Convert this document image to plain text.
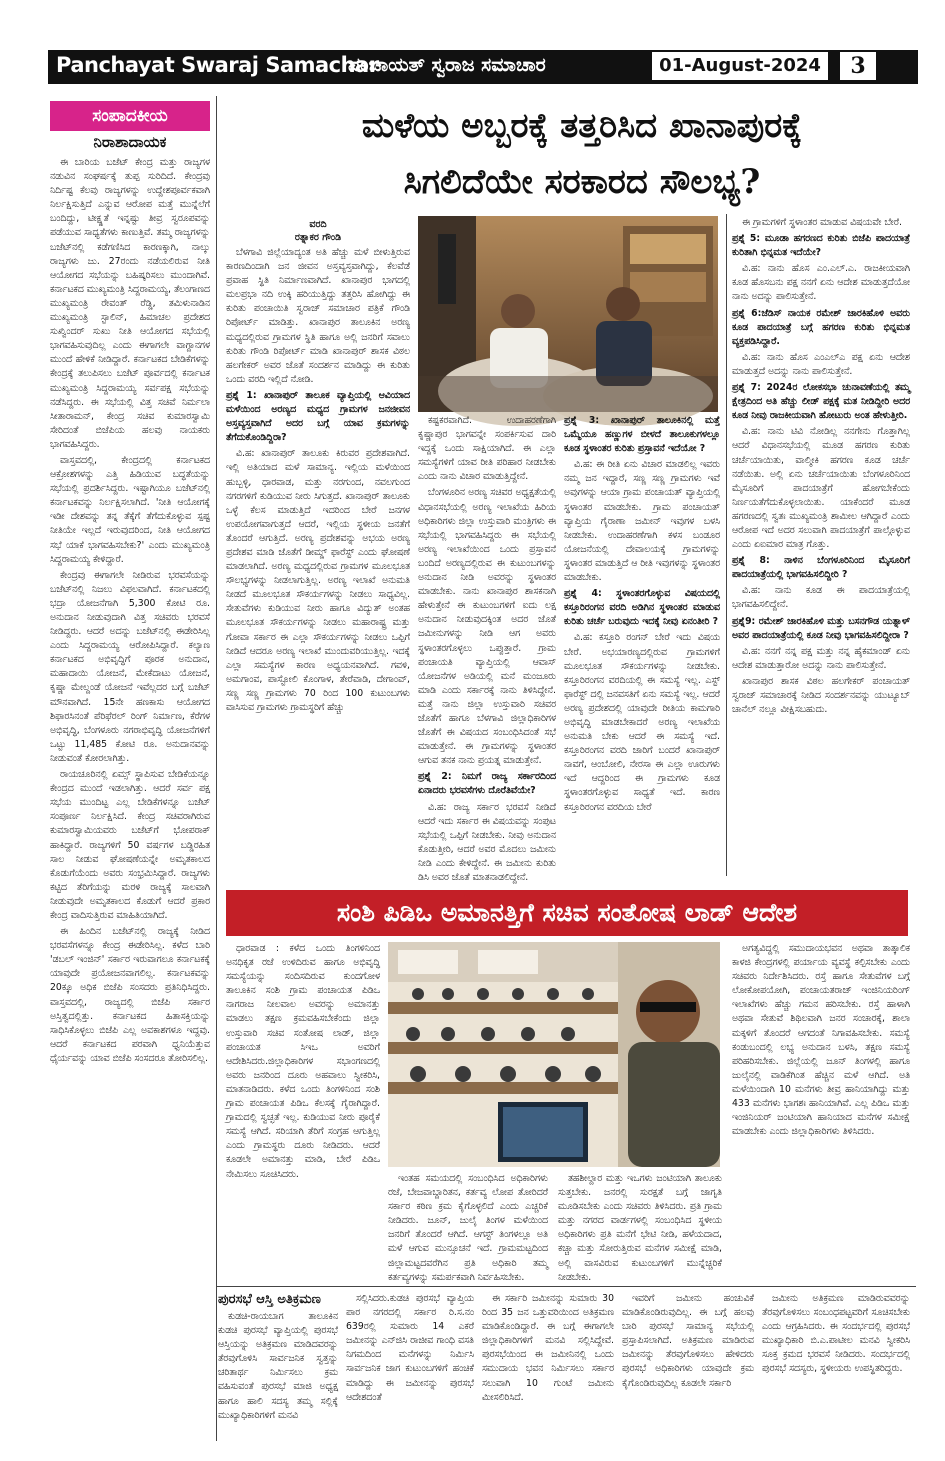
Panchayat Swaraj Samachar
ಪಂಚಾಯತ್ ಸ್ವರಾಜ ಸಮಾಚಾರ	01-August-2024	3
ಸಂಪಾದಕೀಯ
ನಿರಾಶಾದಾಯಕ

ಈ ಬಾರಿಯ ಬಜೆಟ್ ಕೇಂದ್ರ ಮತ್ತು ರಾಜ್ಯಗಳ ನಡುವಿನ ಸಂಘರ್ಷಕ್ಕೆ ತುಪ್ಪ ಸುರಿದಿದೆ. ಕೇಂದ್ರವು ನಿರ್ದಿಷ್ಟ ಕೆಲವು ರಾಜ್ಯಗಳನ್ನು ಉದ್ದೇಶಪೂರ್ವಕವಾಗಿ ನಿರ್ಲಕ್ಷಿಸುತ್ತಿದೆ ಎನ್ನುವ ಆರೋಪ ಮತ್ತೆ ಮುನ್ನೆಲೆಗೆ ಬಂದಿದ್ದು, ಟೀಕ್ಷ್ಣತೆ ಇನ್ನಷ್ಟು ತೀವ್ರ ಸ್ವರೂಪವನ್ನು ಪಡೆಯುವ ಸಾಧ್ಯತೆಗಳು ಕಾಣುತ್ತಿವೆ. ತಮ್ಮ ರಾಜ್ಯಗಳನ್ನು ಬಜೆಟ್‌ನಲ್ಲಿ ಕಡೆಗಣಿಸಿದ ಕಾರಣಕ್ಕಾಗಿ, ನಾಲ್ಕು ರಾಜ್ಯಗಳು ಜು. 27ರಂದು ನಡೆಯಲಿರುವ ನೀತಿ ಆಯೋಗದ ಸಭೆಯನ್ನು ಬಹಿಷ್ಕರಿಸಲು ಮುಂದಾಗಿವೆ. ಕರ್ನಾಟಕದ ಮುಖ್ಯಮಂತ್ರಿ ಸಿದ್ದರಾಮಯ್ಯ, ತೆಲಂಗಾಣದ ಮುಖ್ಯಮಂತ್ರಿ ರೇವಂತ್ ರೆಡ್ಡಿ, ತಮಿಳುನಾಡಿನ ಮುಖ್ಯಮಂತ್ರಿ ಸ್ಟಾಲಿನ್, ಹಿಮಾಚಲ ಪ್ರದೇಶದ ಸುಖ್ವಿಂದರ್ ಸುಖು ನೀತಿ ಆಯೋಗದ ಸಭೆಯಲ್ಲಿ ಭಾಗವಹಿಸುವುದಿಲ್ಲ ಎಂದು ಈಗಾಗಲೇ ವಾಗ್ದಾನಗಳ ಮುಂದೆ ಹೇಳಿಕೆ ನೀಡಿದ್ದಾರೆ. ಕರ್ನಾಟಕದ ಬೇಡಿಕೆಗಳನ್ನು ಕೇಂದ್ರಕ್ಕೆ ತಲುಪಿಸಲು ಬಜೆಟ್ ಪೂರ್ವದಲ್ಲಿ ಕರ್ನಾಟಕ ಮುಖ್ಯಮಂತ್ರಿ ಸಿದ್ದರಾಮಯ್ಯ ಸರ್ವಪಕ್ಷ ಸಭೆಯನ್ನು ನಡೆಸಿದ್ದರು. ಈ ಸಭೆಯಲ್ಲಿ ವಿತ್ತ ಸಚಿವೆ ನಿರ್ಮಲಾ ಸೀತಾರಾಮನ್, ಕೇಂದ್ರ ಸಚಿವ ಕುಮಾರಸ್ವಾಮಿ ಸೇರಿದಂತೆ ಬಿಜೆಪಿಯ ಹಲವು ನಾಯಕರು ಭಾಗವಹಿಸಿದ್ದರು.

ವಾಸ್ತವದಲ್ಲಿ, ಕೇಂದ್ರದಲ್ಲಿ ಕರ್ನಾಟಕದ ಆಕ್ರೋಶಗಳನ್ನು ಎತ್ತಿ ಹಿಡಿಯುವ ಬದ್ಧತೆಯನ್ನು ಸಭೆಯಲ್ಲಿ ಪ್ರದರ್ಶಿಸಿದ್ದರು. ಇಷ್ಟಾಗಿಯೂ ಬಜೆಟ್‌ನಲ್ಲಿ ಕರ್ನಾಟಕವನ್ನು ನಿರ್ಲಕ್ಷಿಸಲಾಗಿದೆ. 'ನೀತಿ ಆಯೋಗಕ್ಕೆ ಇಡೀ ದೇಶವನ್ನು ತನ್ನ ತೆಕ್ಕೆಗೆ ತೆಗೆದುಕೊಳ್ಳುವ ಸ್ಪಷ್ಟ ನೀತಿಯೇ ಇಲ್ಲದೆ ಇರುವುದರಿಂದ, ನೀತಿ ಆಯೋಗದ ಸಭೆ ಯಾಕೆ ಭಾಗವಹಿಸಬೇಕು?' ಎಂದು ಮುಖ್ಯಮಂತ್ರಿ ಸಿದ್ದರಾಮಯ್ಯ ಕೇಳಿದ್ದಾರೆ.

ಕೇಂದ್ರವು ಈಗಾಗಲೇ ನೀಡಿರುವ ಭರವಸೆಯನ್ನು ಬಜೆಟ್‌ನಲ್ಲಿ ನಿಜಲು ವಿಫಲವಾಗಿದೆ. ಕರ್ನಾಟಕದಲ್ಲಿ ಭದ್ರಾ ಯೋಜನೆಗಾಗಿ 5,300 ಕೋಟಿ ರೂ. ಅನುದಾನ ನೀಡುವುದಾಗಿ ವಿತ್ತ ಸಚಿವರು ಭರವಸೆ ನೀಡಿದ್ದರು. ಆದರೆ ಅದನ್ನು ಬಜೆಟ್‌ನಲ್ಲಿ ಈಡೇರಿಸಿಲ್ಲ ಎಂದು ಸಿದ್ದರಾಮಯ್ಯ ಆರೋಪಿಸಿದ್ದಾರೆ. ಕಲ್ಯಾಣ ಕರ್ನಾಟಕದ ಅಭಿವೃದ್ಧಿಗೆ ಪೂರಕ ಅನುದಾನ, ಮಹಾದಾಯಿ ಯೋಜನೆ, ಮೇಕೆದಾಟು ಯೋಜನೆ, ಕೃಷ್ಣಾ ಮೇಲ್ದಂಡೆ ಯೋಜನೆ ಇವೆಲ್ಲದರ ಬಗ್ಗೆ ಬಜೆಟ್ ಮೌನವಾಗಿದೆ. 15ನೇ ಹಣಕಾಸು ಆಯೋಗದ ಶಿಫಾರಸಿನಂತೆ ಪೆರಿಫೆರಲ್ ರಿಂಗ್ ನಿರ್ಮಾಣ, ಕೆರೆಗಳ ಅಭಿವೃದ್ಧಿ, ಬೆಂಗಳೂರು ನಗರಾಭಿವೃದ್ಧಿ ಯೋಜನೆಗಳಿಗೆ ಒಟ್ಟು 11,485 ಕೋಟಿ ರೂ. ಅನುದಾನವನ್ನು ನೀಡುವಂತೆ ಕೋರಲಾಗಿತ್ತು.

ರಾಯಚೂರಿನಲ್ಲಿ ಏಮ್ಸ್ ಸ್ಥಾಪಿಸುವ ಬೇಡಿಕೆಯನ್ನೂ ಕೇಂದ್ರದ ಮುಂದೆ ಇಡಲಾಗಿತ್ತು. ಆದರೆ ಸರ್ವ ಪಕ್ಷ ಸಭೆಯ ಮುಂದಿಟ್ಟ ಎಲ್ಲ ಬೇಡಿಕೆಗಳನ್ನೂ ಬಜೆಟ್ ಸಂಪೂರ್ಣ ನಿರ್ಲಕ್ಷಿಸಿದೆ. ಕೇಂದ್ರ ಸಚಿವರಾಗಿರುವ ಕುಮಾರಸ್ವಾಮಿಯವರು ಬಜೆಟ್‌ಗೆ ಭೋಪರಾಕ್ ಹಾಕಿದ್ದಾರೆ. ರಾಜ್ಯಗಳಿಗೆ 50 ವರ್ಷಗಳ ಬಡ್ಡಿರಹಿತ ಸಾಲ ನೀಡುವ ಘೋಷಣೆಯನ್ನೇ ಅಮೃತಕಾಲದ ಕೊಡುಗೆಯೆಂದು ಅವರು ಸಂಭ್ರಮಿಸಿದ್ದಾರೆ. ರಾಜ್ಯಗಳು ಕಟ್ಟಿದ ತೆರಿಗೆಯನ್ನು ಮರಳಿ ರಾಜ್ಯಕ್ಕೆ ಸಾಲವಾಗಿ ನೀಡುವುದೇ ಅಮೃತಕಾಲದ ಕೊಡುಗೆ ಆದರೆ ಪ್ರಕಾರ ಕೇಂದ್ರ ವಾದಿಸುತ್ತಿರುವ ಮಾಹಿತಿಯಾಗಿದೆ.

ಈ ಹಿಂದಿನ ಬಜೆಟ್‌ನಲ್ಲಿ ರಾಜ್ಯಕ್ಕೆ ನೀಡಿದ ಭರವಸೆಗಳನ್ನೂ ಕೇಂದ್ರ ಈಡೇರಿಸಿಲ್ಲ. ಕಳೆದ ಬಾರಿ 'ಡಬಲ್ ಇಂಜಿನ್' ಸರ್ಕಾರ ಇರುವಾಗಲೂ ಕರ್ನಾಟಕಕ್ಕೆ ಯಾವುದೇ ಪ್ರಯೋಜನವಾಗಲಿಲ್ಲ. ಕರ್ನಾಟಕವನ್ನು 20ಕ್ಕೂ ಅಧಿಕ ಬಿಜೆಪಿ ಸಂಸದರು ಪ್ರತಿನಿಧಿಸಿದ್ದರು. ವಾಸ್ತವದಲ್ಲಿ, ರಾಜ್ಯದಲ್ಲಿ ಬಿಜೆಪಿ ಸರ್ಕಾರ ಅಸ್ತಿತ್ವದಲ್ಲಿತ್ತು. ಕರ್ನಾಟಕದ ಹಿತಾಸಕ್ತಿಯನ್ನು ಸಾಧಿಸಿಕೊಳ್ಳಲು ಬಿಜೆಪಿ ಎಲ್ಲ ಅವಕಾಶಗಳೂ ಇದ್ದವು. ಆದರೆ ಕರ್ನಾಟಕದ ಪರವಾಗಿ ಧ್ವನಿಯೆತ್ತುವ ಧೈರ್ಯವನ್ನು ಯಾವ ಬಿಜೆಪಿ ಸಂಸದರೂ ತೋರಿಸಲಿಲ್ಲ.

ಮಳೆಯ ಅಬ್ಬರಕ್ಕೆ ತತ್ತರಿಸಿದ ಖಾನಾಪುರಕ್ಕೆ
ಸಿಗಲಿದೆಯೇ ಸರಕಾರದ ಸೌಲಭ್ಯ?
ವರದಿ
ರತ್ನಾಕರ ಗೌಂಡಿ

ಬೆಳಗಾವಿ ಜಿಲ್ಲೆಯಾದ್ಯಂತ ಅತಿ ಹೆಚ್ಚು ಮಳೆ ಬೀಳುತ್ತಿರುವ ಕಾರಣದಿಂದಾಗಿ ಜನ ಜೀವನ ಅಸ್ತವ್ಯಸ್ತವಾಗಿದ್ದು, ಕೆಲವೆಡೆ ಪ್ರವಾಹ ಸ್ಥಿತಿ ನಿರ್ಮಾಣವಾಗಿದೆ. ಖಾನಾಪುರ ಭಾಗದಲ್ಲಿ ಮಲಪ್ರಭಾ ನದಿ ಉಕ್ಕಿ ಹರಿಯುತ್ತಿದ್ದು ತತ್ತರಿಸಿ ಹೋಗಿದ್ದು ಈ ಕುರಿತು ಪಂಚಾಯಿತಿ ಸ್ವರಾಜ್ ಸಮಾಚಾರ ಪತ್ರಿಕೆ ಗೌಂಡಿ ರಿಪೋರ್ಟ್ ಮಾಡಿತ್ತು. ಖಾನಾಪುರ ತಾಲೂಕಿನ ಅರಣ್ಯ ಮಧ್ಯದಲ್ಲಿರುವ ಗ್ರಾಮಗಳ ಸ್ಥಿತಿ ಹಾಗೂ ಅಲ್ಲಿ ಜನರಿಗೆ ಸವಾಲು ಕುರಿತು ಗೌಂಡಿ ರಿಪೋರ್ಟ್ ಮಾಡಿ ಖಾನಾಪುರ್ ಶಾಸಕ ವಿಠಲ ಹಲಗೇಕರ್ ಅವರ ಜೊತೆ ಸಂದರ್ಶನ ಮಾಡಿದ್ದು ಈ ಕುರಿತು ಒಂದು ವರದಿ ಇಲ್ಲಿದೆ ನೋಡಿ.

ಪ್ರಶ್ನೆ 1: ಖಾನಾಪುರ್ ತಾಲೂಕ ವ್ಯಾಪ್ತಿಯಲ್ಲಿ ಆವಿಯಾದ ಮಳೆಯಿಂದ ಅರಣ್ಯದ ಮಧ್ಯದ ಗ್ರಾಮಗಳ ಜನಜೀವನ ಅಸ್ತವ್ಯಸ್ತವಾಗಿದೆ ಅದರ ಬಗ್ಗೆ ಯಾವ ಕ್ರಮಗಳನ್ನು ತೆಗೆದುಕೊಂಡಿದ್ದಿರಾ?

ವಿ.ಹ: ಖಾನಾಪುರ್ ತಾಲೂಕು ಕಿರುವರ ಪ್ರದೇಶವಾಗಿದೆ. ಇಲ್ಲಿ ಅತಿಯಾದ ಮಳೆ ಸಾಮಾನ್ಯ. ಇಲ್ಲಿಯ ಮಳೆಯಿಂದ ಹುಬ್ಬಳ್ಳಿ, ಧಾರವಾಡ, ಮತ್ತು ನರಗುಂದ, ನವಲಗುಂದ ನಗರಗಳಿಗೆ ಕುಡಿಯುವ ನೀರು ಸಿಗುತ್ತದೆ. ಖಾನಾಪುರ್ ತಾಲೂಕು ಒಳ್ಳೆ ಕೆಲಸ ಮಾಡುತ್ತಿದೆ ಇದರಿಂದ ಬೇರೆ ಜನಗಳ ಉಪಯೋಗವಾಗುತ್ತದೆ ಆದರೆ, ಇಲ್ಲಿಯ ಸ್ಥಳೀಯ ಜನತೆಗೆ ತೊಂದರೆ ಆಗುತ್ತಿದೆ. ಅರಣ್ಯ ಪ್ರದೇಶವನ್ನು ಅಭಯ ಅರಣ್ಯ ಪ್ರದೇಶವ ಮಾಡಿ ಜೊತೆಗೆ ಡೀಮ್ಡ್ ಫಾರೆಸ್ಟ್ ಎಂದು ಘೋಷಣೆ ಮಾಡಲಾಗಿದೆ. ಅರಣ್ಯ ಮಧ್ಯದಲ್ಲಿರುವ ಗ್ರಾಮಗಳ ಮೂಲಭೂತ ಸೌಲಭ್ಯಗಳನ್ನು ನೀಡಲಾಗುತ್ತಿಲ್ಲ. ಅರಣ್ಯ ಇಲಾಖೆ ಅನುಮತಿ ನೀಡದೆ ಮೂಲಭೂತ ಸೌಕರ್ಯಗಳನ್ನು ನೀಡಲು ಸಾಧ್ಯವಿಲ್ಲ. ಸೇತುವೆಗಳು ಕುಡಿಯುವ ನೀರು ಹಾಗೂ ವಿದ್ಯುತ್ ಅಂತಹ ಮೂಲಭೂತ ಸೌಕರ್ಯಗಳನ್ನು ನೀಡಲು ಮಹಾರಾಷ್ಟ್ರ ಮತ್ತು ಗೋವಾ ಸರ್ಕಾರ ಈ ಎಲ್ಲಾ ಸೌಕರ್ಯಗಳನ್ನು ನೀಡಲು ಒಪ್ಪಿಗೆ ನೀಡಿದೆ ಆದರೂ ಅರಣ್ಯ ಇಲಾಖೆ ಮುಂದುವರಿಯುತ್ತಿಲ್ಲ. ಇದಕ್ಕೆ ಎಲ್ಲಾ ಸಮಸ್ಯೆಗಳ ಕಾರಣ ಅಧ್ಯಯನವಾಗಿದೆ. ಗವಳಿ, ಅಮಗಾಂವ, ಪಾಸ್ಟೋಲಿ ಕೊಂಗಾಳ, ತೇರೆವಾಡಿ, ದೇಗಾಂವ್, ಸಣ್ಣ ಸಣ್ಣ ಗ್ರಾಮಗಳು 70 ರಿಂದ 100 ಕುಟುಂಬಗಳು ವಾಸಿಸುವ ಗ್ರಾಮಗಳು ಗ್ರಾಮಸ್ಥರಿಗೆ ಹೆಚ್ಚು

ಕಷ್ಟಕರವಾಗಿದೆ. ಉದಾಹರಣೆಗಾಗಿ ಕೃಷ್ಣಾಪುರ ಭಾಗವನ್ನೇ ಸಂಪರ್ಕಿಸುವ ದಾರಿ ಇದ್ದಕ್ಕೆ ಒಂದು ಸಾಕ್ಷಿಯಾಗಿದೆ. ಈ ಎಲ್ಲಾ ಸಮಸ್ಯೆಗಳಿಗೆ ಯಾವ ರೀತಿ ಪರಿಹಾರ ನೀಡಬೇಕು ಎಂದು ನಾನು ವಿಚಾರ ಮಾಡುತ್ತಿದ್ದೇನೆ.

ಬೆಂಗಳೂರಿನ ಅರಣ್ಯ ಸಚಿವರ ಅಧ್ಯಕ್ಷತೆಯಲ್ಲಿ ವಿಧಾನಸಭೆಯಲ್ಲಿ ಅರಣ್ಯ ಇಲಾಖೆಯ ಹಿರಿಯ ಅಧಿಕಾರಿಗಳು ಜಿಲ್ಲಾ ಉಸ್ತುವಾರಿ ಮಂತ್ರಿಗಳು ಈ ಸಭೆಯಲ್ಲಿ ಭಾಗವಹಿಸಿದ್ದರು ಈ ಸಭೆಯಲ್ಲಿ ಅರಣ್ಯ ಇಲಾಖೆಯಿಂದ ಒಂದು ಪ್ರಸ್ತಾವನೆ ಬಂದಿದೆ ಅರಣ್ಯದಲ್ಲಿರುವ ಈ ಕುಟುಂಬಗಳನ್ನು ಅನುದಾನ ನೀಡಿ ಅವರನ್ನು ಸ್ಥಳಾಂತರ ಮಾಡಬೇಕು. ನಾನು ಖಾನಾಪುರ ಶಾಸಕನಾಗಿ ಹೇಳುತ್ತೇನೆ ಈ ಕುಟುಂಬಗಳಿಗೆ ಐದು ಲಕ್ಷ ಅನುದಾನ ನೀಡುವುದಕ್ಕಿಂತ ಅದರ ಜೊತೆ ಜಮೀನುಗಳನ್ನು ನೀಡಿ ಆಗ ಅವರು ಸ್ಥಳಾಂತರಗೊಳ್ಳಲು ಒಪ್ಪುತ್ತಾರೆ. ಗ್ರಾಮ ಪಂಚಾಯತಿ ವ್ಯಾಪ್ತಿಯಲ್ಲಿ ಆವಾಸ್ ಯೋಜನೆಗಳ ಅಡಿಯಲ್ಲಿ ಮನೆ ಮಂಜೂರು ಮಾಡಿ ಎಂದು ಸರ್ಕಾರಕ್ಕೆ ನಾನು ತಿಳಿಸಿದ್ದೇನೆ. ಮತ್ತೆ ನಾನು ಜಿಲ್ಲಾ ಉಸ್ತುವಾರಿ ಸಚಿವರ ಜೊತೆಗೆ ಹಾಗೂ ಬೆಳಗಾವಿ ಜಿಲ್ಲಾಧಿಕಾರಿಗಳ ಜೊತೆಗೆ ಈ ವಿಷಯದ ಸಂಬಂಧಿಸಿದಂತೆ ಸಭೆ ಮಾಡುತ್ತೇನೆ. ಈ ಗ್ರಾಮಗಳನ್ನು ಸ್ಥಳಾಂತರ ಆಗುವ ತನಕ ನಾನು ಪ್ರಯತ್ನ ಮಾಡುತ್ತೇನೆ.

ಪ್ರಶ್ನೆ 2: ನಿಮಗೆ ರಾಜ್ಯ ಸರ್ಕಾರದಿಂದ ಏನಾದರು ಭರವಸೆಗಳು ದೊರೆತಿವೆಯೇ?

ವಿ.ಹ: ರಾಜ್ಯ ಸರ್ಕಾರ ಭರವಸೆ ನೀಡಿದೆ ಆದರೆ ಇದು ಸರ್ಕಾರ ಈ ವಿಷಯವನ್ನು ಸಂಪುಟ ಸಭೆಯಲ್ಲಿ ಒಪ್ಪಿಗೆ ನೀಡಬೇಕು. ನೀವು ಅನುದಾನ ಕೊಡುತ್ತೀರಿ, ಆದರೆ ಅವರ ಮೊದಲು ಜಮೀನು ನೀಡಿ ಎಂದು ಕೇಳಿದ್ದೇನೆ. ಈ ಜಮೀನು ಕುರಿತು ಡಿಸಿ ಅವರ ಜೊತೆ ಮಾತನಾಡಲಿದ್ದೇನೆ.

ಪ್ರಶ್ನೆ 3: ಖಾನಾಪುರ್ ತಾಲೂಕಿನಲ್ಲಿ ಮತ್ತೆ ಒಮ್ಮೆಯೂ ಹಣ್ಣುಗಳ ಬೀಳದೆ ತಾಲೂಕುಗಳಲ್ಲೂ ಕೂಡ ಸ್ಥಳಾಂತರ ಕುರಿತು ಪ್ರಸ್ತಾವನೆ ಇದೆಯೋ ?

ವಿ.ಹ: ಈ ರೀತಿ ಏನು ವಿಚಾರ ಮಾಡಲಿಲ್ಲ ಇವರು ನಮ್ಮ ಜನ ಇದ್ದಾರೆ, ಸಣ್ಣ ಸಣ್ಣ ಗ್ರಾಮಗಳು ಇವೆ ಅವುಗಳನ್ನು ಆಯಾ ಗ್ರಾಮ ಪಂಚಾಯತ್ ವ್ಯಾಪ್ತಿಯಲ್ಲಿ ಸ್ಥಳಾಂತರ ಮಾಡಬೇಕು. ಗ್ರಾಮ ಪಂಚಾಯತ್ ವ್ಯಾಪ್ತಿಯ ಗೈರಾಣಾ ಜಮೀನ್ ಇವುಗಳ ಬಳಸಿ ನೀಡಬೇಕು. ಉದಾಹರಣೆಗಾಗಿ ಕಳಸ ಬಂಡೂರ ಯೋಜನೆಯಲ್ಲಿ ದೇವಾಲಯಕ್ಕೆ ಗ್ರಾಮಗಳನ್ನು ಸ್ಥಳಾಂತರ ಮಾಡುತ್ತಿದೆ ಆ ರೀತಿ ಇವುಗಳನ್ನು ಸ್ಥಳಾಂತರ ಮಾಡಬೇಕು.

ಪ್ರಶ್ನೆ 4: ಸ್ಥಳಾಂತರಗೊಳ್ಳುವ ವಿಷಯದಲ್ಲಿ ಕಸ್ತೂರಿರಂಗನ ವರದಿ ಅಡಿಗಿನ ಸ್ಥಳಾಂತರ ಮಾಡುವ ಕುರಿತು ಚರ್ಚೆ ಬರುವುದು ಇದಕ್ಕೆ ನೀವು ಏನಂತೀರಿ ?

ವಿ.ಹ: ಕಸ್ತೂರಿ ರಂಗನ್ ಬೇರೆ ಇದು ವಿಷಯ ಬೇರೆ. ಅಭಯಾರಣ್ಯದಲ್ಲಿರುವ ಗ್ರಾಮಗಳಿಗೆ ಮೂಲಭೂತ ಸೌಕರ್ಯಗಳನ್ನು ನೀಡಬೇಕು. ಕಸ್ತೂರಿರಂಗನ ವರದಿಯಲ್ಲಿ ಈ ಸಮಸ್ಯೆ ಇಲ್ಲ. ಎಸ್ಟ್ ಫಾರೆಸ್ಟ್ ದಲ್ಲಿ ಜನವಸತಿಗೆ ಏನು ಸಮಸ್ಯೆ ಇಲ್ಲ. ಆದರೆ ಅರಣ್ಯ ಪ್ರದೇಶದಲ್ಲಿ ಯಾವುದೇ ರೀತಿಯ ಕಾಮಗಾರಿ ಅಭಿವೃದ್ಧಿ ಮಾಡಬೇಕಾದರೆ ಅರಣ್ಯ ಇಲಾಖೆಯ ಅನುಮತಿ ಬೇಕು ಆದರೆ ಈ ಸಮಸ್ಯೆ ಇದೆ. ಕಸ್ತೂರಿರಂಗನ ವರದಿ ಜಾರಿಗೆ ಬಂದರೆ ಖಾನಾಪುರ್ ನಾವಗೆ, ಆಂಬೋಲಿ, ನೇರಸಾ ಈ ಎಲ್ಲಾ ಊರುಗಳು ಇದೆ ಆದ್ದರಿಂದ ಈ ಗ್ರಾಮಗಳು ಕೂಡ ಸ್ಥಳಾಂತರಗೊಳ್ಳುವ ಸಾಧ್ಯತೆ ಇದೆ. ಕಾರಣ ಕಸ್ತೂರಿರಂಗನ ವರದಿಯ ಬೇರೆ

ಈ ಗ್ರಾಮಗಳಿಗೆ ಸ್ಥಳಾಂತರ ಮಾಡುವ ವಿಷಯವೇ ಬೇರೆ.

ಪ್ರಶ್ನೆ 5: ಮೂಡಾ ಹಗರಣದ ಕುರಿತು ಬಿಜೆಪಿ ಪಾದಯಾತ್ರೆ ಕುರಿತಾಗಿ ಭಿನ್ನಮತ ಇದೆಯೇ?

ವಿ.ಹ: ನಾನು ಹೊಸ ಎಂ.ಎಲ್.ಎ. ರಾಜಕೀಯವಾಗಿ ಕೂಡ ಹೊಸಬನು ಪಕ್ಷ ನನಗೆ ಏನು ಆದೇಶ ಮಾಡುತ್ತದೆಯೋ ನಾನು ಅದನ್ನು ಪಾಲಿಸುತ್ತೇನೆ.

ಪ್ರಶ್ನೆ 6:ಜೆಡಿಸ್ ನಾಯಕ ರಮೇಶ್ ಜಾರಕಿಹೊಳಿ ಅವರು ಕೂಡ ಪಾದಯಾತ್ರೆ ಬಗ್ಗೆ ಹಗರಣ ಕುರಿತು ಭಿನ್ನಮತ ವ್ಯಕ್ತಪಡಿಸಿದ್ದಾರೆ.

ವಿ.ಹ: ನಾನು ಹೊಸ ಎಂಎಲ್ಎ ಪಕ್ಷ ಏನು ಆದೇಶ ಮಾಡುತ್ತದೆ ಅದನ್ನು ನಾನು ಪಾಲಿಸುತ್ತೇನೆ.

ಪ್ರಶ್ನೆ 7: 2024ರ ಲೋಕಸಭಾ ಚುನಾವಣೆಯಲ್ಲಿ ತಮ್ಮ ಕ್ಷೇತ್ರದಿಂದ ಅತಿ ಹೆಚ್ಚು ಲೀಡ್ ಪಕ್ಷಕ್ಕೆ ಮತ ನೀಡಿದ್ದೀರಿ ಅದರ ಕೂಡ ನೀವು ರಾಜಕೀಯವಾಗಿ ಹೋಟುರು ಅಂತ ಹೇಳುತ್ತೀರಿ.

ವಿ.ಹ: ನಾನು ಟಿವಿ ನೋಡಿಲ್ಲ ನನಗೇನು ಗೊತ್ತಾಗಿಲ್ಲ ಆದರೆ ವಿಧಾನಸಭೆಯಲ್ಲಿ ಮೂಡ ಹಗರಣ ಕುರಿತು ಚರ್ಚೆಯಾಯಿತು, ವಾಲ್ಮೀಕಿ ಹಗರಣ ಕೂಡ ಚರ್ಚೆ ನಡೆಯಿತು. ಅಲ್ಲಿ ಏನು ಚರ್ಚೆಯಾಯಿತು ಬೆಂಗಳೂರಿನಿಂದ ಮೈಸೂರಿಗೆ ಪಾದಯಾತ್ರೆಗೆ ಹೋಗಬೇಕೆಂದು ನಿರ್ಣಯತೆಗೆದುಕೊಳ್ಳಲಾಯಿತು. ಯಾಕೆಂದರೆ ಮೂಡ ಹಗರಣದಲ್ಲಿ ಸ್ವತಃ ಮುಖ್ಯಮಂತ್ರಿ ಶಾಮೀಲ ಆಗಿದ್ದಾರೆ ಎಂದು ಆರೋಪ ಇದೆ ಅದರ ಸಲುವಾಗಿ ಪಾದಯಾತ್ರೆಗೆ ಪಾಲ್ಗೊಳ್ಳುವ ಎಂದು ಏಐಮಾರ ಮಾತ್ರ ಗೊತ್ತು.

ಪ್ರಶ್ನೆ 8: ನಾಳಿನ ಬೆಂಗಳೂರಿನಿಂದ ಮೈಸೂರಿಗೆ ಪಾದಯಾತ್ರೆಯಲ್ಲಿ ಭಾಗವಹಿಸಲಿದ್ದೀರಿ ?

ವಿ.ಹ: ನಾನು ಕೂಡ ಈ ಪಾದಯಾತ್ರೆಯಲ್ಲಿ ಭಾಗವಹಿಸಲಿದ್ದೇನೆ.

ಪ್ರಶ್ನೆ9: ರಮೇಶ್ ಜಾರಕಿಹೊಳಿ ಮತ್ತು ಬಸನಗೌಡ ಯತ್ನಾಳ್ ಅವರ ಪಾದಯಾತ್ರೆಯಲ್ಲಿ ಕೂಡ ನೀವು ಭಾಗವಹಿಸಲಿದ್ದೀರಾ ?

ವಿ.ಹ: ನನಗೆ ನನ್ನ ಪಕ್ಷ ಮತ್ತು ನನ್ನ ಹೈಕಮಾಂಡ್ ಏನು ಆದೇಶ ಮಾಡುತ್ತಾರೋ ಅದನ್ನು ನಾನು ಪಾಲಿಸುತ್ತೇನೆ.

ಖಾನಾಪುರ ಶಾಸಕ ವಿಠಲ ಹಲಗೇಕರ್ ಪಂಚಾಯತ್ ಸ್ವರಾಜ್ ಸಮಾಚಾರಕ್ಕೆ ನೀಡಿದ ಸಂದರ್ಶನವನ್ನು ಯುಟ್ಯೂಬ್ ಚಾನೆಲ್ ನಲ್ಲೂ ವೀಕ್ಷಿಸಬಹುದು.

ಸಂಶಿ ಪಿಡಿಒ ಅಮಾನತ್ತಿಗೆ ಸಚಿವ ಸಂತೋಷ ಲಾಡ್ ಆದೇಶ

ಧಾರವಾಡ : ಕಳೆದ ಒಂದು ತಿಂಗಳಿನಿಂದ ಅನಧಿಕೃತ ರಜೆ ಉಳಿದಿರುವ ಹಾಗೂ ಅಭಿವೃದ್ಧಿ ಸಮಸ್ಯೆಯನ್ನು ಸಂದಿಸದಿರುವ ಕುಂದಗೋಳ ತಾಲೂಕಿನ ಸಂಶಿ ಗ್ರಾಮ ಪಂಚಾಯತ ಪಿಡಿಒ ನಾಗರಾಜ ನೀಲವಾಲ ಅವರನ್ನು ಅಮಾನತ್ತು ಮಾಡಲು ತಕ್ಷಣ ಕ್ರಮವಹಿಸಬೇಕೆಂದು ಜಿಲ್ಲಾ ಉಸ್ತುವಾರಿ ಸಚಿವ ಸಂತೋಷ ಲಾಡ್, ಜಿಲ್ಲಾ ಪಂಚಾಯತ ಸಿಇಒ ಅವರಿಗೆ ಆದೇಶಿಸಿದರು.ಜಿಲ್ಲಾಧಿಕಾರಿಗಳ ಸಭಾಂಗಣದಲ್ಲಿ ಅವರು ಜನರಿಂದ ದೂರು ಅಹವಾಲು ಸ್ವೀಕರಿಸಿ, ಮಾತನಾಡಿದರು. ಕಳೆದ ಒಂದು ತಿಂಗಳಿನಿಂದ ಸಂಶಿ ಗ್ರಾಮ ಪಂಚಾಯತ ಪಿಡಿಒ ಕೆಲಸಕ್ಕೆ ಗೈರಾಗಿದ್ದಾರೆ. ಗ್ರಾಮದಲ್ಲಿ ಸ್ವಚ್ಛತೆ ಇಲ್ಲ. ಕುಡಿಯುವ ನೀರು ಪೂರೈಕೆ ಸಮಸ್ಯೆ ಆಗಿದೆ. ಸರಿಯಾಗಿ ತೆರಿಗೆ ಸಂಗ್ರಹ ಆಗುತ್ತಿಲ್ಲ ಎಂದು ಗ್ರಾಮಸ್ಥರು ದೂರು ನೀಡಿದರು. ಆದರೆ ಕೂಡಲೇ ಅಮಾನತ್ತು ಮಾಡಿ, ಬೇರೆ ಪಿಡಿಒ ನೇಮಿಸಲು ಸೂಚಿಸಿದರು.

ಅಗತ್ಯವಿದ್ದಲ್ಲಿ ಸಮುದಾಯಭವನ ಅಥವಾ ತಾತ್ಕಾಲಿಕ ಕಾಳಜಿ ಕೇಂದ್ರಗಳಲ್ಲಿ ಪರ್ಯಾಯ ವ್ಯವಸ್ಥೆ ಕಲ್ಪಿಸಬೇಕು ಎಂದು ಸಚಿವರು ನಿರ್ದೇಶಿಸಿದರು. ರಸ್ತೆ ಹಾಗೂ ಸೇತುವೆಗಳ ಬಗ್ಗೆ ಲೋಕೋಪಯೋಗಿ, ಪಂಚಾಯತರಾಜ್ ಇಂಜಿನಿಯರಿಂಗ್ ಇಲಾಖೆಗಳು ಹೆಚ್ಚು ಗಮನ ಹರಿಸಬೇಕು. ರಸ್ತೆ ಹಾಳಾಗಿ ಅಥವಾ ಸೇತುವೆ ಶಿಥಿಲವಾಗಿ ಜನರ ಸಂಚಾರಕ್ಕೆ, ಶಾಲಾ ಮಕ್ಕಳಿಗೆ ತೊಂದರೆ ಆಗದಂತೆ ನಿಗಾವಹಿಸಬೇಕು. ಸಮಸ್ಯೆ ಕಂಡುಬಂದಲ್ಲಿ ಲಭ್ಯ ಅನುದಾನ ಬಳಸಿ, ತಕ್ಷಣ ಸಮಸ್ಯೆ ಪರಿಹರಿಸಬೇಕು. ಜಿಲ್ಲೆಯಲ್ಲಿ ಜೂನ್ ತಿಂಗಳಲ್ಲಿ ಹಾಗೂ ಜುಲೈನಲ್ಲಿ ವಾಡಿಕೆಗಿಂತ ಹೆಚ್ಚಿನ ಮಳೆ ಆಗಿದೆ. ಅತಿ ಮಳೆಯಿಂದಾಗಿ 10 ಮನೆಗಳು ತೀವ್ರ ಹಾನಿಯಾಗಿದ್ದು ಮತ್ತು 433 ಮನೆಗಳು ಭಾಗಶಃ ಹಾನಿಯಾಗಿವೆ. ಎಲ್ಲ ಪಿಡಿಒ ಮತ್ತು ಇಂಜಿನಿಯರ್ ಜಂಟಿಯಾಗಿ ಹಾನಿಯಾದ ಮನೆಗಳ ಸಮೀಕ್ಷೆ ಮಾಡಬೇಕು ಎಂದು ಜಿಲ್ಲಾಧಿಕಾರಿಗಳು ತಿಳಿಸಿದರು.

ಇಂತಹ ಸಮಯದಲ್ಲಿ ಸಂಬಂಧಿಸಿದ ಅಧಿಕಾರಿಗಳು ರಜೆ, ಬೇಜವಾಬ್ದಾರಿತನ, ಕರ್ತವ್ಯ ಲೋಪ ತೋರಿದರೆ ಸರ್ಕಾರ ಕಠಿಣ ಕ್ರಮ ಕೈಗೊಳ್ಳಲಿದೆ ಎಂದು ಎಚ್ಚರಿಕೆ ನೀಡಿದರು. ಜೂನ್, ಜುಲೈ ತಿಂಗಳ ಮಳೆಯಿಂದ ಜನರಿಗೆ ತೊಂದರೆ ಆಗಿದೆ. ಆಗಸ್ಟ್ ತಿಂಗಳಲ್ಲೂ ಅತಿ ಮಳೆ ಆಗುವ ಮುನ್ಸೂಚನೆ ಇದೆ. ಗ್ರಾಮಮಟ್ಟದಿಂದ ಜಿಲ್ಲಾಮಟ್ಟದವರೆಗಿನ ಪ್ರತಿ ಅಧಿಕಾರಿ ತಮ್ಮ ಕರ್ತವ್ಯಗಳನ್ನು ಸಮರ್ಪಕವಾಗಿ ನಿರ್ವಹಿಸಬೇಕು.

ತಹಶೀಲ್ದಾರ ಮತ್ತು ಇಒಗಳು ಜಂಟಿಯಾಗಿ ತಾಲೂಕು ಸುತ್ತಬೇಕು. ಜನರಲ್ಲಿ ಸುರಕ್ಷತೆ ಬಗ್ಗೆ ಜಾಗೃತಿ ಮೂಡಿಸಬೇಕು ಎಂದು ಸಚಿವರು ತಿಳಿಸಿದರು. ಪ್ರತಿ ಗ್ರಾಮ ಮತ್ತು ನಗರದ ವಾರ್ಡಗಳಲ್ಲಿ ಸಂಬಂಧಿಸಿದ ಸ್ಥಳೀಯ ಅಧಿಕಾರಿಗಳು ಪ್ರತಿ ಮನೆಗೆ ಭೇಟಿ ನೀಡಿ, ಹಳೆಯದಾದ, ಕಚ್ಚಾ ಮತ್ತು ಸೋರುತ್ತಿರುವ ಮನೆಗಳ ಸಮೀಕ್ಷೆ ಮಾಡಿ, ಅಲ್ಲಿ ವಾಸವಿರುವ ಕುಟುಂಬಗಳಿಗೆ ಮುನ್ನೆಚ್ಚರಿಕೆ ನೀಡಬೇಕು.

ಪುರಸಭೆ ಆಸ್ತಿ ಅತಿಕ್ರಮಣ

ಕುಡಚಿ-ರಾಯಬಾಗ ತಾಲೂಕಿನ ಕುಡಚಿ ಪುರಸಭೆ ವ್ಯಾಪ್ತಿಯಲ್ಲಿ ಪುರಸಭೆ ಆಸ್ತಿಯನ್ನು ಅತಿಕ್ರಮಣ ಮಾಡಿದವರನ್ನು ತೆರವುಗೊಳಿಸಿ ಸಾರ್ವಜನಿಕ ಸ್ವತ್ತನ್ನು ಚರಿತಾರ್ಥ ನಿರ್ಮಿಸಲು ಕ್ರಮ ವಹಿಸುವಂತೆ ಪುರಸಭೆ ಮಾಜಿ ಅಧ್ಯಕ್ಷ ಹಾಗೂ ಹಾಲಿ ಸದಸ್ಯ ತಮ್ಮ ಸಲ್ಲಿಕ್ಕೆ ಮುಖ್ಯಾಧಿಕಾರಿಗಳಿಗೆ ಮನವಿ

ಸಲ್ಲಿಸಿದರು.ಕುಡಚಿ ಪುರಸಭೆ ವ್ಯಾಪ್ತಿಯ ಪಾರ ನಗರದಲ್ಲಿ ಸರ್ಕಾರ ರಿ.ಸ.ನಂ 639ರಲ್ಲಿ ಸುಮಾರು 14 ಎಕರೆ ಜಮೀನನ್ನು ಎನ್‌ಜಿಸಿ ರಾಜೀವ ಗಾಂಧಿ ವಸತಿ ನಿಗಮದಿಂದ ಮನೆಗಳನ್ನು ನಿರ್ಮಿಸಿ ಸಾರ್ವಜನಿಕ ಜಾಗ ಕುಟುಂಬಗಳಿಗೆ ಹಂಚಿಕೆ ಮಾಡಿದ್ದು ಈ ಜಮೀನನ್ನು ಪುರಸಭೆ ಆದೇಶದಂತೆ

ಈ ಸರ್ಕಾರಿ ಜಮೀನನ್ನು ಸುಮಾರು 30 ರಿಂದ 35 ಜನ ಒತ್ತುವರಿಯಿಂದ ಅತಿಕ್ರಮಣ ಮಾಡಿಕೊಂಡಿದ್ದಾರೆ. ಈ ಬಗ್ಗೆ ಈಗಾಗಲೇ ಜಿಲ್ಲಾಧಿಕಾರಿಗಳಿಗೆ ಮನವಿ ಸಲ್ಲಿಸಿದ್ದೇವೆ. ಪುರಸಭೆಯಿಂದ ಈ ಜಮೀನಿನಲ್ಲಿ ಒಂದು ಸಮುದಾಯ ಭವನ ನಿರ್ಮಿಸಲು ಸರ್ಕಾರ ಸಲುವಾಗಿ 10 ಗುಂಟೆ ಜಮೀನು ಮೀಸಲಿರಿಸಿದೆ.

ಇವರಿಗೆ ಜಮೀನು ಹಂಚುವಿಕೆ ಮಾಡಿಕೊಂಡಿರುವುದಿಲ್ಲ. ಈ ಬಗ್ಗೆ ಹಲವು ಬಾರಿ ಪುರಸಭೆ ಸಾಮಾನ್ಯ ಸಭೆಯಲ್ಲಿ ಪ್ರಸ್ತಾಪಿಸಲಾಗಿದೆ. ಅತಿಕ್ರಮಣ ಮಾಡಿರುವ ಜಮೀನನ್ನು ತೆರವುಗೊಳಿಸಲು ಹೇಳಿದರು ಪುರಸಭೆ ಅಧಿಕಾರಿಗಳು ಯಾವುದೇ ಕ್ರಮ ಕೈಗೊಂಡಿರುವುದಿಲ್ಲ ಕೂಡಲೇ ಸರ್ಕಾರಿ

ಜಮೀನು ಅತಿಕ್ರಮಣ ಮಾಡಿರುವವರನ್ನು ತೆರವುಗೊಳಿಸಲು ಸಂಬಂಧಪಟ್ಟವರಿಗೆ ಸೂಚಿಸಬೇಕು ಎಂದು ಆಗ್ರಹಿಸಿದರು. ಈ ಸಂದರ್ಭದಲ್ಲಿ ಪುರಸಭೆ ಮುಖ್ಯಾಧಿಕಾರಿ ಬಿ.ಎ.ಪಾಟೀಲ ಮನವಿ ಸ್ವೀಕರಿಸಿ ಸೂಕ್ತ ಕ್ರಮದ ಭರವಸೆ ನೀಡಿದರು. ಸಂದರ್ಭದಲ್ಲಿ ಪುರಸಭೆ ಸದಸ್ಯರು, ಸ್ಥಳೀಯರು ಉಪಸ್ಥಿತರಿದ್ದರು.
